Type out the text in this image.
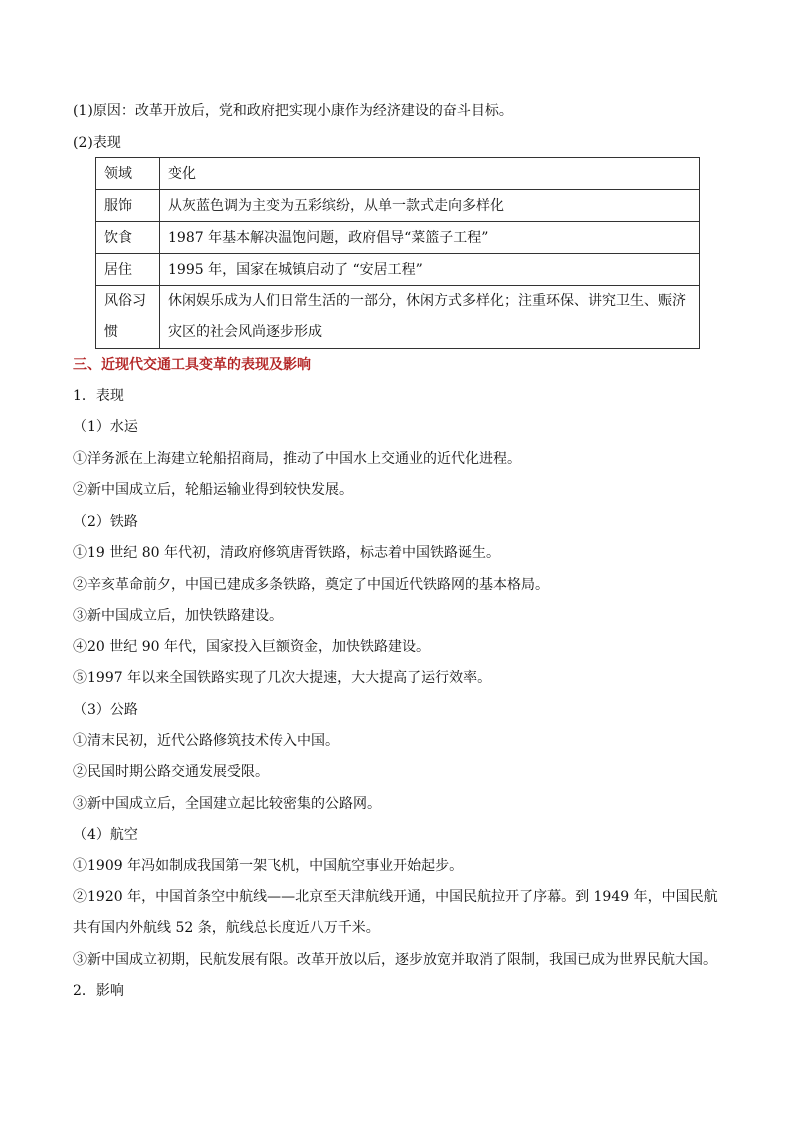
(1)原因：改革开放后，党和政府把实现小康作为经济建设的奋斗目标。
(2)表现
领域	变化
服饰	从灰蓝色调为主变为五彩缤纷，从单一款式走向多样化
饮食	1987 年基本解决温饱问题，政府倡导“菜篮子工程”
居住	1995 年，国家在城镇启动了 “安居工程”
风俗习惯	休闲娱乐成为人们日常生活的一部分，休闲方式多样化；注重环保、讲究卫生、赈济灾区的社会风尚逐步形成
三、近现代交通工具变革的表现及影响
1．表现
（1）水运
①洋务派在上海建立轮船招商局，推动了中国水上交通业的近代化进程。
②新中国成立后，轮船运输业得到较快发展。
（2）铁路
①19 世纪 80 年代初，清政府修筑唐胥铁路，标志着中国铁路诞生。
②辛亥革命前夕，中国已建成多条铁路，奠定了中国近代铁路网的基本格局。
③新中国成立后，加快铁路建设。
④20 世纪 90 年代，国家投入巨额资金，加快铁路建设。
⑤1997 年以来全国铁路实现了几次大提速，大大提高了运行效率。
（3）公路
①清末民初，近代公路修筑技术传入中国。
②民国时期公路交通发展受限。
③新中国成立后，全国建立起比较密集的公路网。
（4）航空
①1909 年冯如制成我国第一架飞机，中国航空事业开始起步。
②1920 年，中国首条空中航线——北京至天津航线开通，中国民航拉开了序幕。到 1949 年，中国民航共有国内外航线 52 条，航线总长度近八万千米。
③新中国成立初期，民航发展有限。改革开放以后，逐步放宽并取消了限制，我国已成为世界民航大国。
2．影响
